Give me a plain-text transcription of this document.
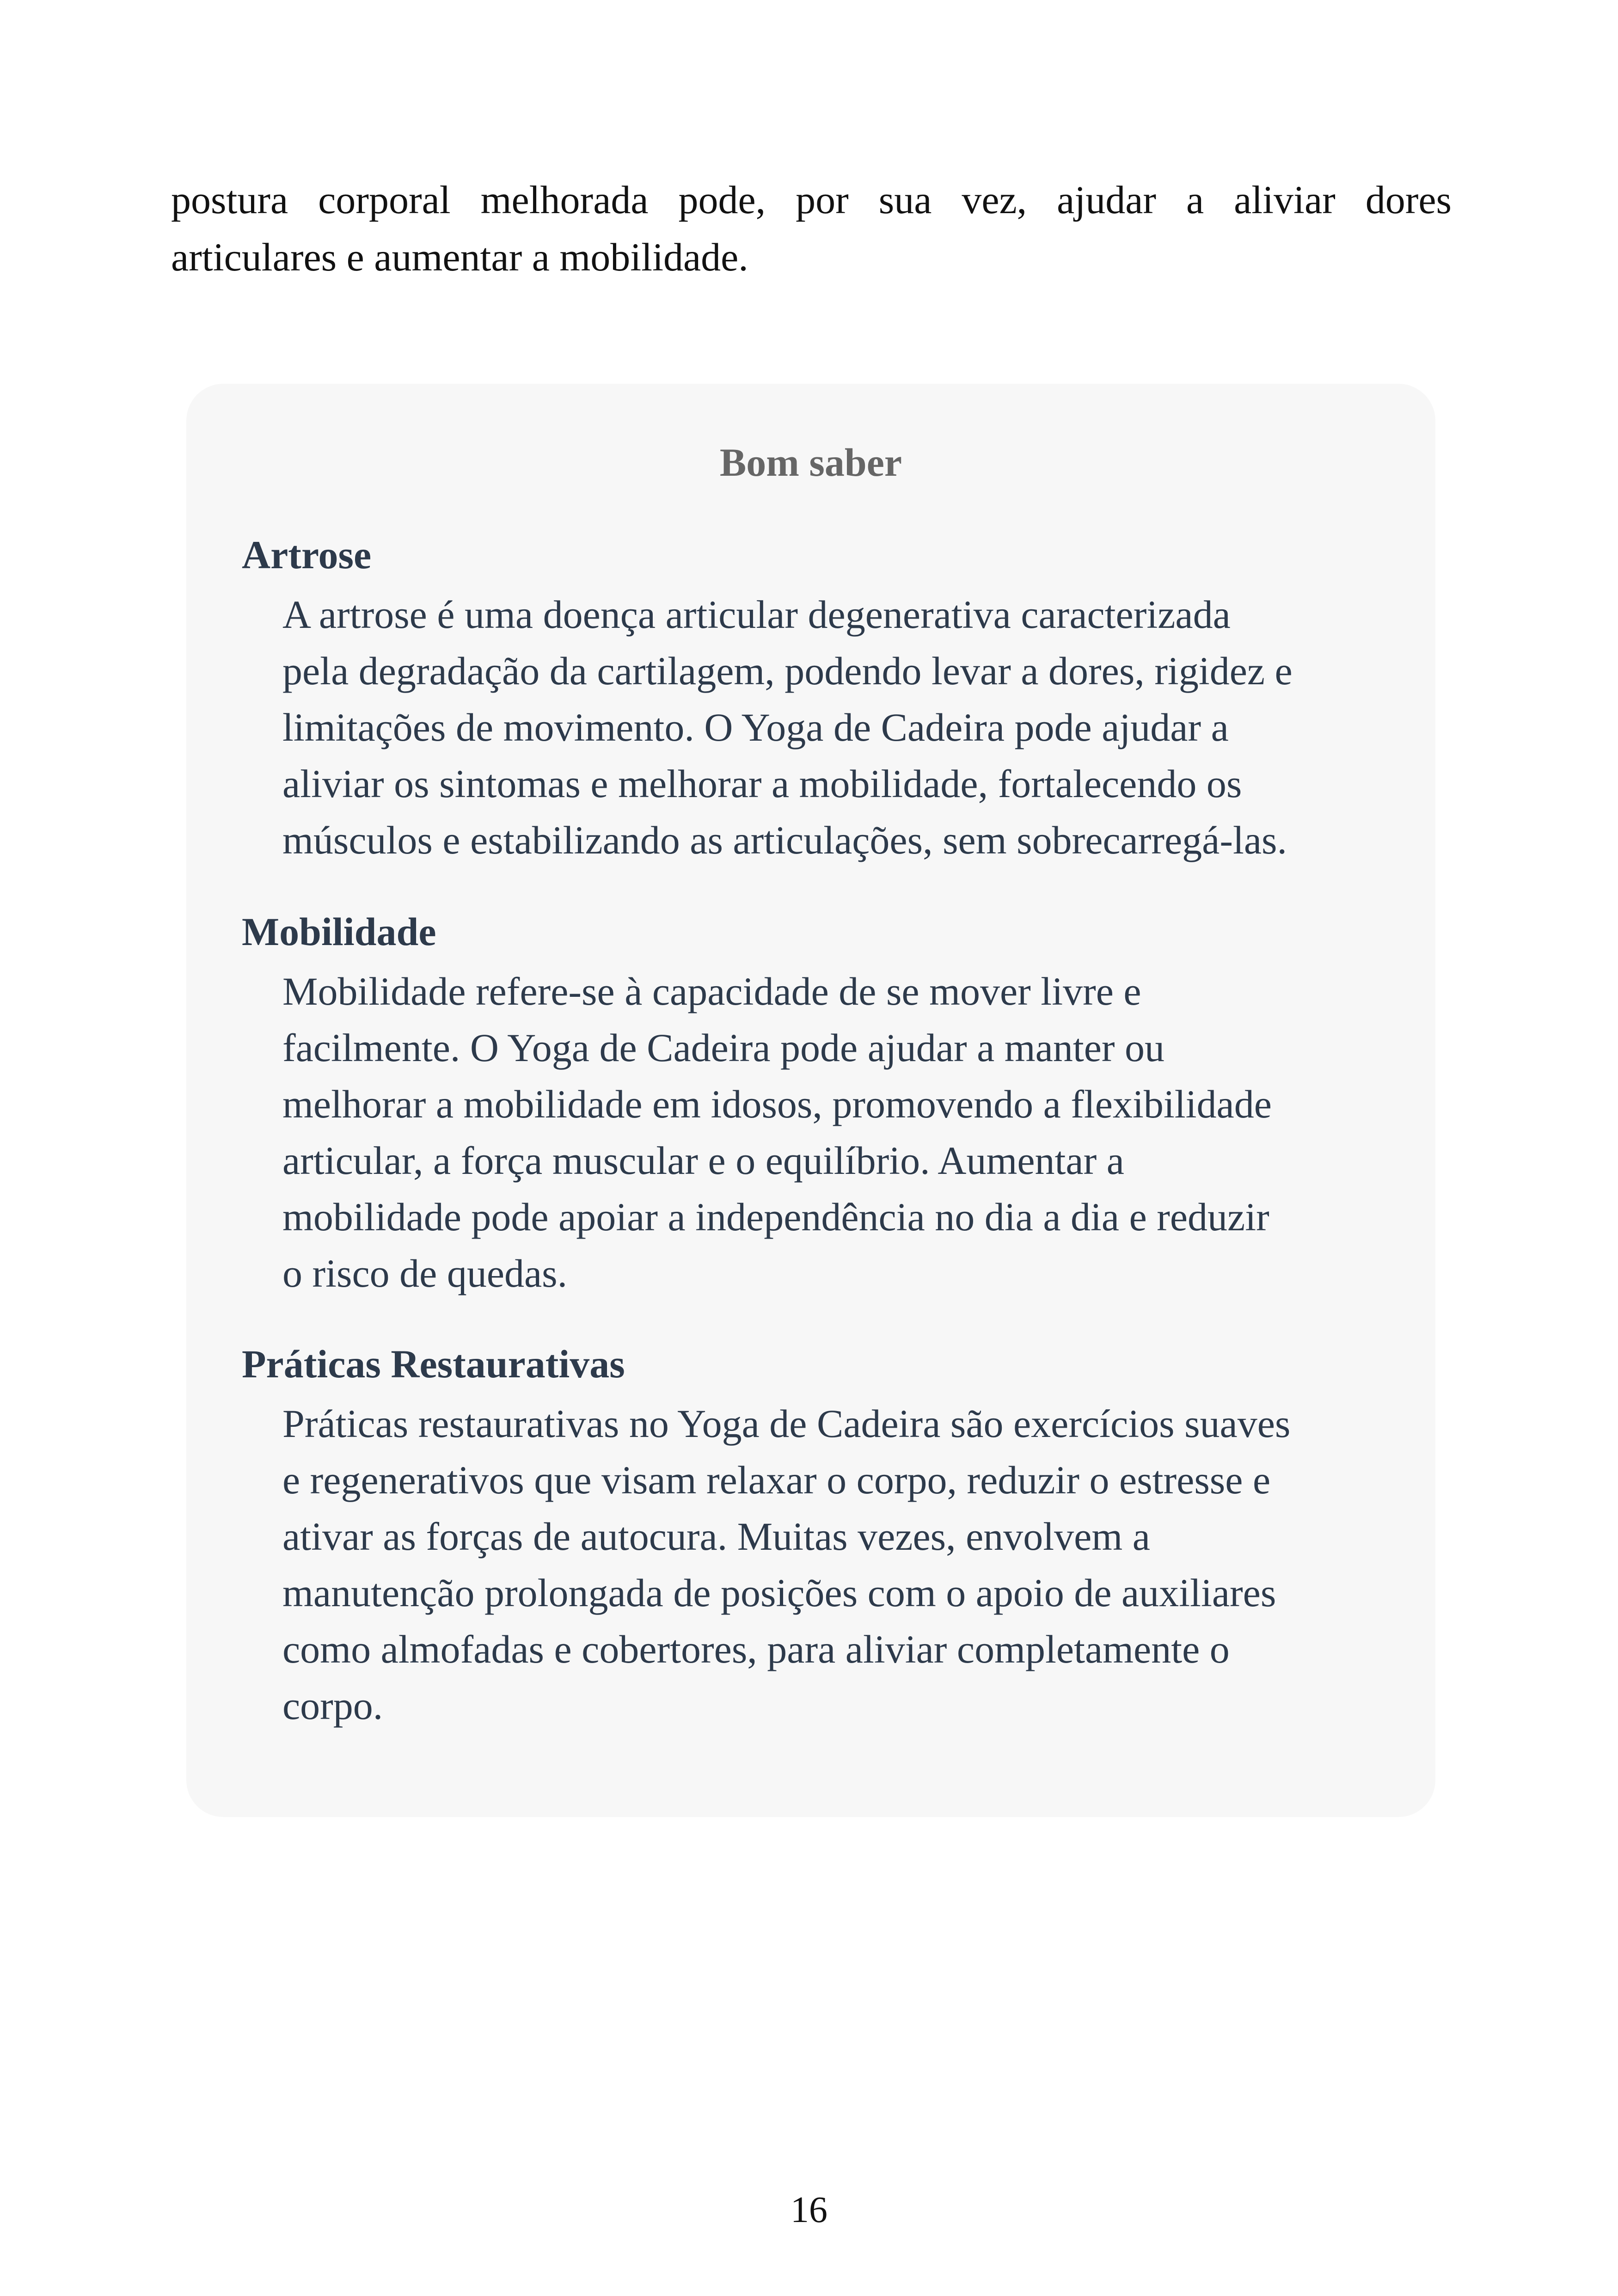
postura corporal melhorada pode, por sua vez, ajudar a aliviar dores
articulares e aumentar a mobilidade.
Bom saber
Artrose
A artrose é uma doença articular degenerativa caracterizada
pela degradação da cartilagem, podendo levar a dores, rigidez e
limitações de movimento. O Yoga de Cadeira pode ajudar a
aliviar os sintomas e melhorar a mobilidade, fortalecendo os
músculos e estabilizando as articulações, sem sobrecarregá-las.
Mobilidade
Mobilidade refere-se à capacidade de se mover livre e
facilmente. O Yoga de Cadeira pode ajudar a manter ou
melhorar a mobilidade em idosos, promovendo a flexibilidade
articular, a força muscular e o equilíbrio. Aumentar a
mobilidade pode apoiar a independência no dia a dia e reduzir
o risco de quedas.
Práticas Restaurativas
Práticas restaurativas no Yoga de Cadeira são exercícios suaves
e regenerativos que visam relaxar o corpo, reduzir o estresse e
ativar as forças de autocura. Muitas vezes, envolvem a
manutenção prolongada de posições com o apoio de auxiliares
como almofadas e cobertores, para aliviar completamente o
corpo.
16
